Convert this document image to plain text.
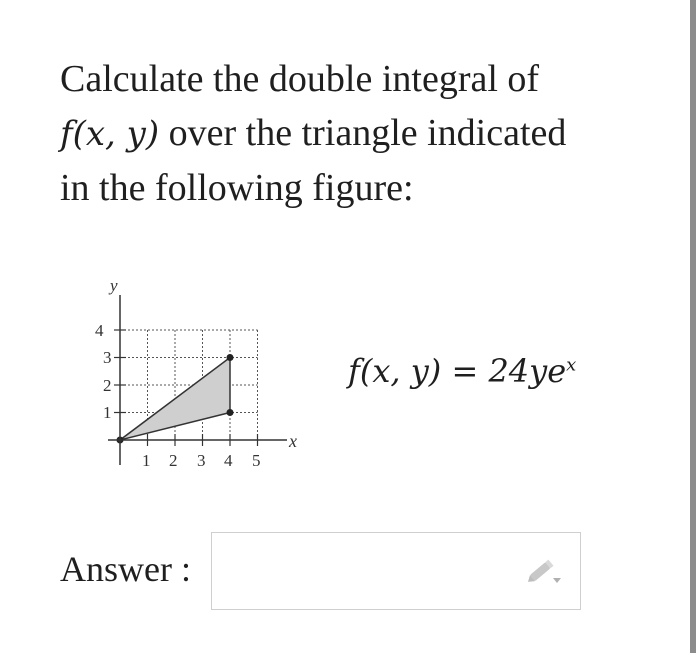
Calculate the double integral of
f(x, y) over the triangle indicated
in the following figure:
1
2
3
4
1 2 3 4 5
y
x
f(x, $y) = 24ye^x$
Answer :
